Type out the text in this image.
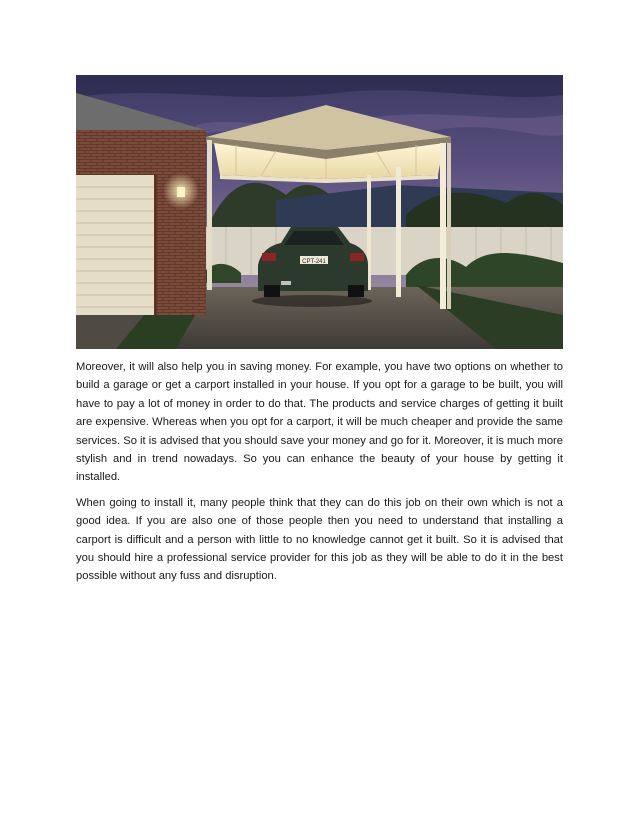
CPT-241

Moreover, it will also help you in saving money. For example, you have two options on whether to build a garage or get a carport installed in your house. If you opt for a garage to be built, you will have to pay a lot of money in order to do that. The products and service charges of getting it built are expensive. Whereas when you opt for a carport, it will be much cheaper and provide the same services. So it is advised that you should save your money and go for it. Moreover, it is much more stylish and in trend nowadays. So you can enhance the beauty of your house by getting it installed.

When going to install it, many people think that they can do this job on their own which is not a good idea. If you are also one of those people then you need to understand that installing a carport is difficult and a person with little to no knowledge cannot get it built. So it is advised that you should hire a professional service provider for this job as they will be able to do it in the best possible without any fuss and disruption.
